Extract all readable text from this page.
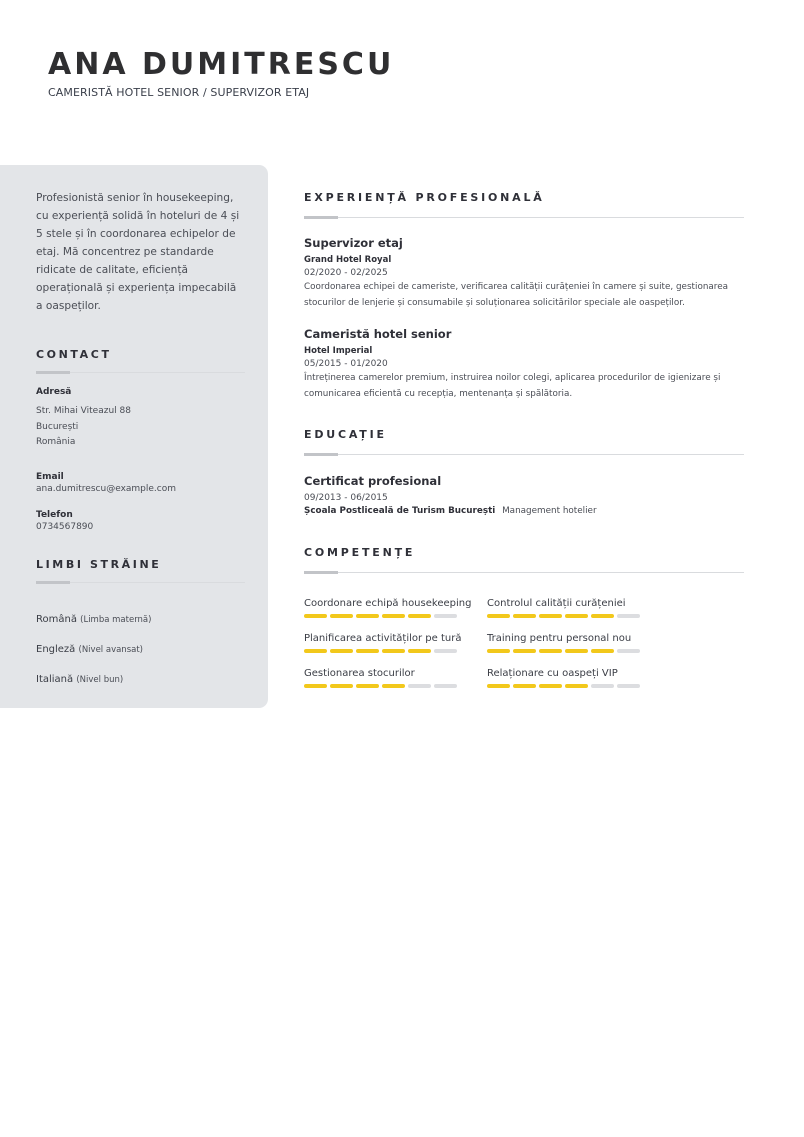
ANA DUMITRESCU
CAMERISTĂ HOTEL SENIOR / SUPERVIZOR ETAJ

Profesionistă senior în housekeeping, cu experiență solidă în hoteluri de 4 și 5 stele și în coordonarea echipelor de etaj. Mă concentrez pe standarde ridicate de calitate, eficiență operațională și experiența impecabilă a oaspeților.

CONTACT
Adresă
Str. Mihai Viteazul 88
București
România
Email
ana.dumitrescu@example.com
Telefon
0734567890
LIMBI STRĂINE
Română (Limba maternă)
Engleză (Nivel avansat)
Italiană (Nivel bun)
EXPERIENȚĂ PROFESIONALĂ
Supervizor etaj
Grand Hotel Royal
02/2020 - 02/2025
Coordonarea echipei de cameriste, verificarea calității curățeniei în camere și suite, gestionarea stocurilor de lenjerie și consumabile și soluționarea solicitărilor speciale ale oaspeților.
Cameristă hotel senior
Hotel Imperial
05/2015 - 01/2020
Întreținerea camerelor premium, instruirea noilor colegi, aplicarea procedurilor de igienizare și comunicarea eficientă cu recepția, mentenanța și spălătoria.
EDUCAȚIE
Certificat profesional
09/2013 - 06/2015
Școala Postliceală de Turism București Management hotelier
COMPETENȚE
Coordonare echipă housekeeping	Controlul calității curățeniei
Planificarea activităților pe tură	Training pentru personal nou
Gestionarea stocurilor	Relaționare cu oaspeți VIP
